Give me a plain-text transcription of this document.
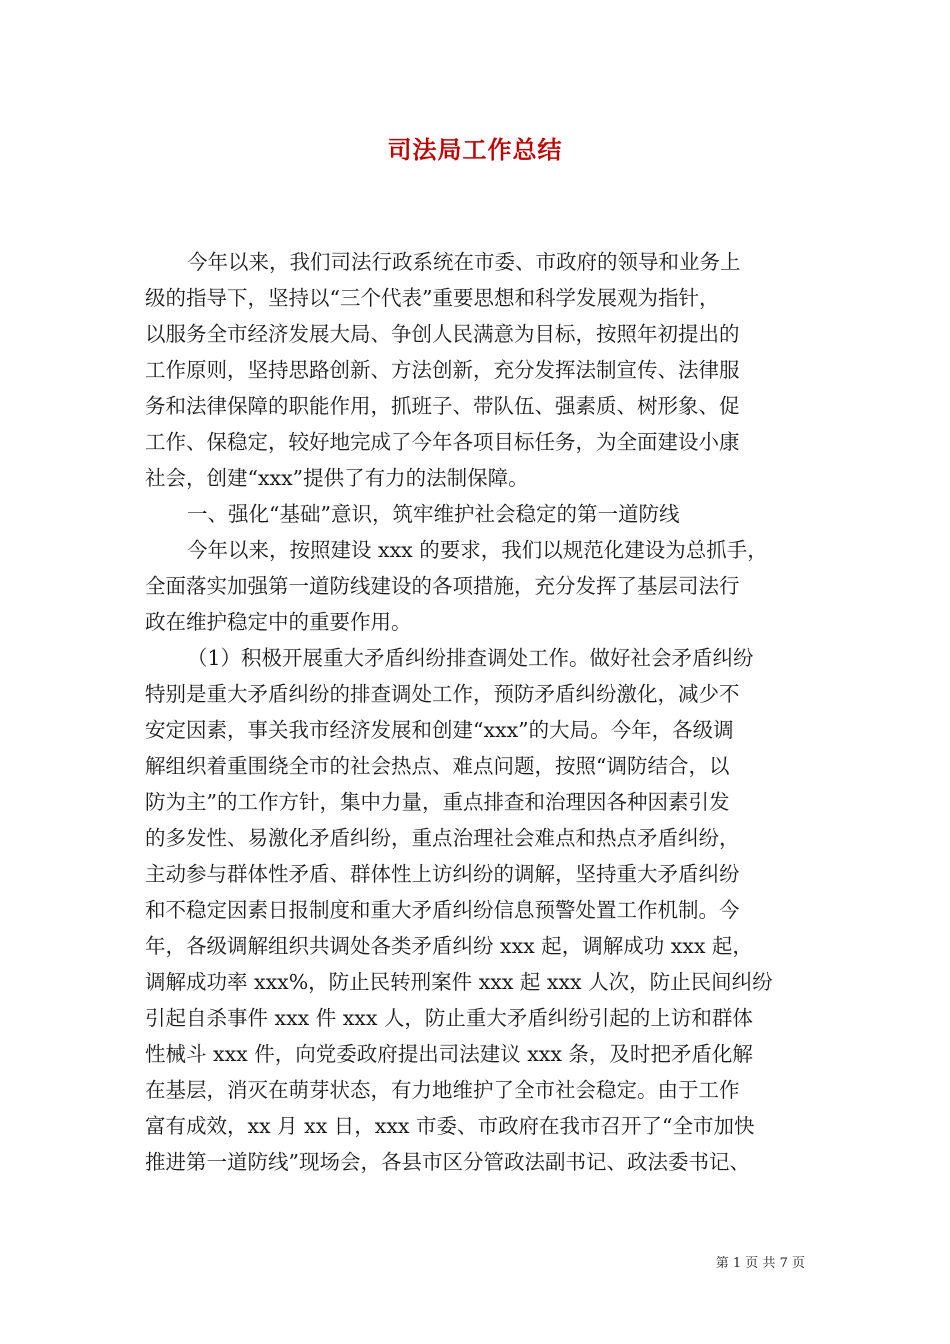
司法局工作总结
今年以来，我们司法行政系统在市委、市政府的领导和业务上
级的指导下，坚持以“三个代表”重要思想和科学发展观为指针，
以服务全市经济发展大局、争创人民满意为目标，按照年初提出的
工作原则，坚持思路创新、方法创新，充分发挥法制宣传、法律服
务和法律保障的职能作用，抓班子、带队伍、强素质、树形象、促
工作、保稳定，较好地完成了今年各项目标任务，为全面建设小康
社会，创建“xxx”提供了有力的法制保障。
一、强化“基础”意识，筑牢维护社会稳定的第一道防线
今年以来，按照建设 xxx 的要求，我们以规范化建设为总抓手，
全面落实加强第一道防线建设的各项措施，充分发挥了基层司法行
政在维护稳定中的重要作用。
（1）积极开展重大矛盾纠纷排查调处工作。做好社会矛盾纠纷
特别是重大矛盾纠纷的排查调处工作，预防矛盾纠纷激化，减少不
安定因素，事关我市经济发展和创建“xxx”的大局。今年，各级调
解组织着重围绕全市的社会热点、难点问题，按照“调防结合，以
防为主”的工作方针，集中力量，重点排查和治理因各种因素引发
的多发性、易激化矛盾纠纷，重点治理社会难点和热点矛盾纠纷，
主动参与群体性矛盾、群体性上访纠纷的调解，坚持重大矛盾纠纷
和不稳定因素日报制度和重大矛盾纠纷信息预警处置工作机制。今
年，各级调解组织共调处各类矛盾纠纷 xxx 起，调解成功 xxx 起，
调解成功率 xxx%，防止民转刑案件 xxx 起 xxx 人次，防止民间纠纷
引起自杀事件 xxx 件 xxx 人，防止重大矛盾纠纷引起的上访和群体
性械斗 xxx 件，向党委政府提出司法建议 xxx 条，及时把矛盾化解
在基层，消灭在萌芽状态，有力地维护了全市社会稳定。由于工作
富有成效，xx 月 xx 日，xxx 市委、市政府在我市召开了“全市加快
推进第一道防线”现场会，各县市区分管政法副书记、政法委书记、
第 1 页 共 7 页
